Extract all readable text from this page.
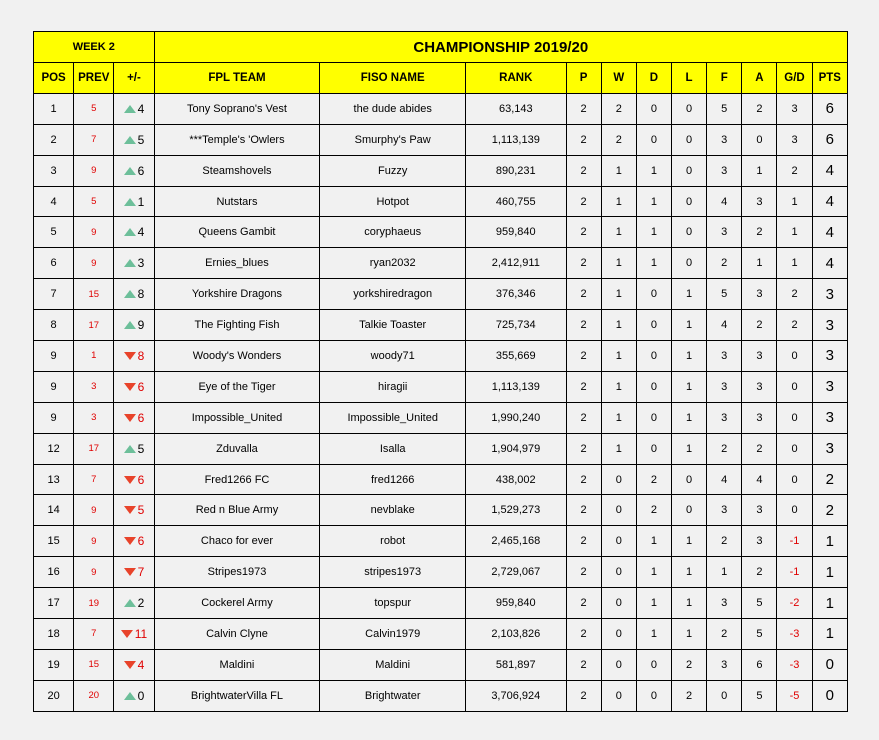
WEEK 2			CHAMPIONSHIP 2019/20										
POS	PREV	+/-	FPL TEAM	FISO NAME	RANK	P	W	D	L	F	A	G/D	PTS
1	5	4	Tony Soprano's Vest	the dude abides	63,143	2	2	0	0	5	2	3	6
2	7	5	***Temple's 'Owlers	Smurphy's Paw	1,113,139	2	2	0	0	3	0	3	6
3	9	6	Steamshovels	Fuzzy	890,231	2	1	1	0	3	1	2	4
4	5	1	Nutstars	Hotpot	460,755	2	1	1	0	4	3	1	4
5	9	4	Queens Gambit	coryphaeus	959,840	2	1	1	0	3	2	1	4
6	9	3	Ernies_blues	ryan2032	2,412,911	2	1	1	0	2	1	1	4
7	15	8	Yorkshire Dragons	yorkshiredragon	376,346	2	1	0	1	5	3	2	3
8	17	9	The Fighting Fish	Talkie Toaster	725,734	2	1	0	1	4	2	2	3
9	1	8	Woody's Wonders	woody71	355,669	2	1	0	1	3	3	0	3
9	3	6	Eye of the Tiger	hiragii	1,113,139	2	1	0	1	3	3	0	3
9	3	6	Impossible_United	Impossible_United	1,990,240	2	1	0	1	3	3	0	3
12	17	5	Zduvalla	Isalla	1,904,979	2	1	0	1	2	2	0	3
13	7	6	Fred1266 FC	fred1266	438,002	2	0	2	0	4	4	0	2
14	9	5	Red n Blue Army	nevblake	1,529,273	2	0	2	0	3	3	0	2
15	9	6	Chaco for ever	robot	2,465,168	2	0	1	1	2	3	-1	1
16	9	7	Stripes1973	stripes1973	2,729,067	2	0	1	1	1	2	-1	1
17	19	2	Cockerel Army	topspur	959,840	2	0	1	1	3	5	-2	1
18	7	11	Calvin Clyne	Calvin1979	2,103,826	2	0	1	1	2	5	-3	1
19	15	4	Maldini	Maldini	581,897	2	0	0	2	3	6	-3	0
20	20	0	BrightwaterVilla FL	Brightwater	3,706,924	2	0	0	2	0	5	-5	0
